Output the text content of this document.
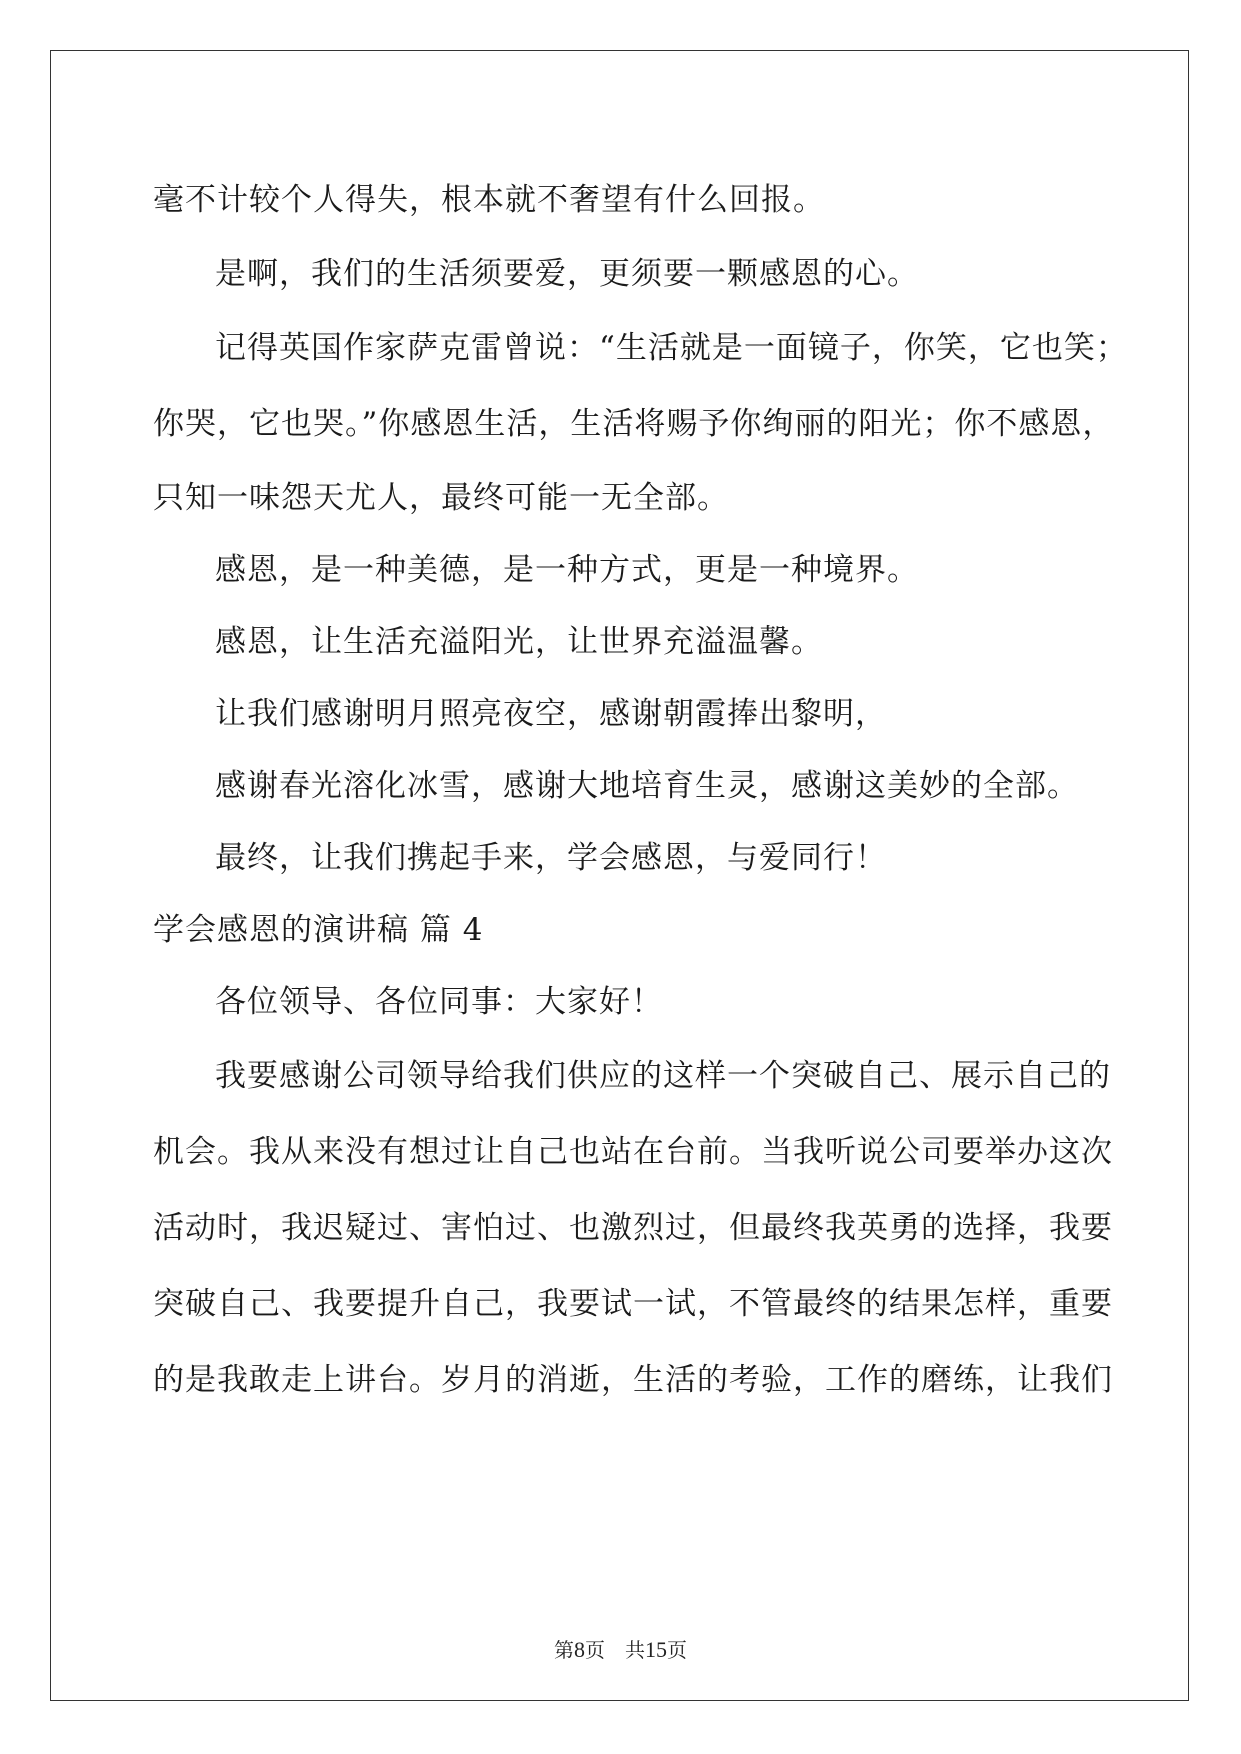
毫不计较个人得失，根本就不奢望有什么回报。

是啊，我们的生活须要爱，更须要一颗感恩的心。

记得英国作家萨克雷曾说：“生活就是一面镜子，你笑，它也笑；

你哭，它也哭。”你感恩生活，生活将赐予你绚丽的阳光；你不感恩，

只知一味怨天尤人，最终可能一无全部。

感恩，是一种美德，是一种方式，更是一种境界。

感恩，让生活充溢阳光，让世界充溢温馨。

让我们感谢明月照亮夜空，感谢朝霞捧出黎明，

感谢春光溶化冰雪，感谢大地培育生灵，感谢这美妙的全部。

最终，让我们携起手来，学会感恩，与爱同行！

学会感恩的演讲稿 篇 4

各位领导、各位同事：大家好！

我要感谢公司领导给我们供应的这样一个突破自己、展示自己的

机会。我从来没有想过让自己也站在台前。当我听说公司要举办这次

活动时，我迟疑过、害怕过、也激烈过，但最终我英勇的选择，我要

突破自己、我要提升自己，我要试一试，不管最终的结果怎样，重要

的是我敢走上讲台。岁月的消逝，生活的考验，工作的磨练，让我们

第8页　共15页
